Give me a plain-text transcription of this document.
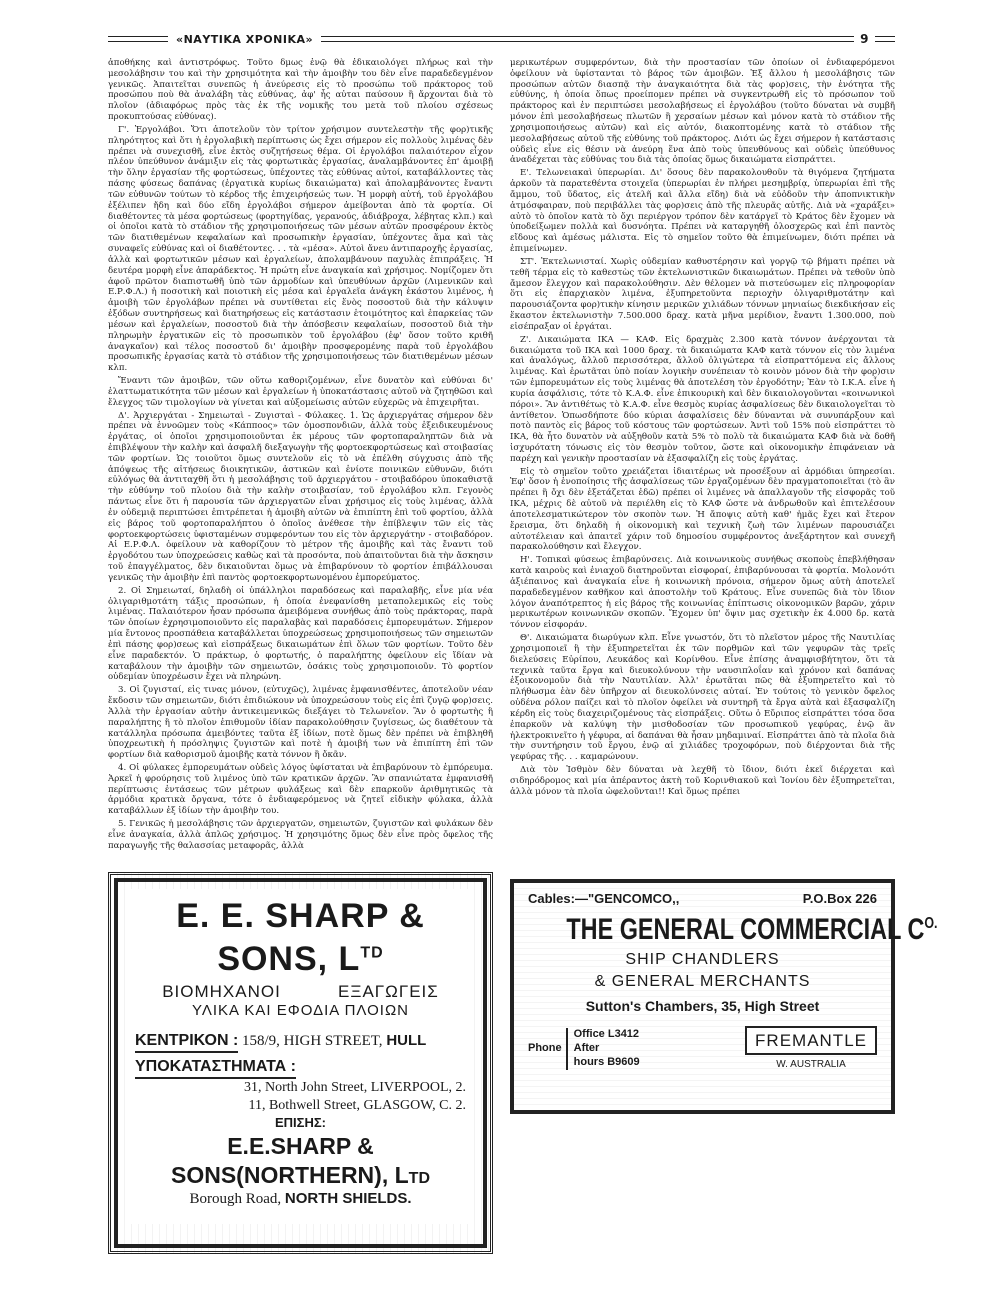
«ΝΑΥΤΙΚΑ ΧΡΟΝΙΚΑ»	9

ἀποθήκης καὶ ἀντιστρόφως. Τοῦτο δμως ἐνῷ θὰ ἐδικαιολόγει πλήρως καὶ τὴν μεσολάβησιν του καὶ τὴν χρησιμότητα καὶ τὴν ἀμοιβὴν του δὲν εἶνε παραδεδεγμένον γενικῶς. Ἀπαιτεῖται συνεπῶς ἡ ἀνεύρεσις εἰς τὸ προσώπω τοῦ πράκτορος τοῦ προσώπου ποὺ θὰ ἀναλάβη τὰς εὐθύνας, ἀφ' ἧς αὐται παύσουν ἢ ἄρχονται διὰ τὸ πλοῖον (ἀδιαφόρως πρὸς τὰς ἐκ τῆς νομικῆς του μετὰ τοῦ πλοίου σχέσεως προκυπτούσας εὐθύνας).

Γ'. Ἐργολάβοι. Ὅτι ἀποτελοῦν τὸν τρίτον χρήσιμον συντελεστὴν τῆς φορ)τικῆς πληρότητος καὶ ὅτι ἡ ἐργολαβικὴ περίπτωσις ὡς ἔχει σήμερον εἰς πολλοὺς λιμένας δὲν πρέπει νὰ συνεχισθῆ, εἶνε ἐκτὸς συζητήσεως θέμα. Οἱ ἐργολάβοι παλαιότερον εἶχον πλέον ὑπεύθυνον ἀνάμιξιν εἰς τὰς φορτωτικὰς ἐργασίας, ἀναλαμβάνοντες ἐπ' ἀμοιβῇ τὴν ὅλην ἐργασίαν τῆς φορτώσεως, ὑπέχοντες τὰς εὐθύνας αὐτοί, καταβάλλοντες τὰς πάσης φύσεως δαπάνας (ἐργατικὰ κυρίως δικαιώματα) καὶ ἀπολαμβάνοντες ἔναντι τῶν εὐθυνῶν τούτων τὸ κέρδος τῆς ἐπιχειρήσεώς των. Ἡ μορφὴ αὐτή, τοῦ ἐργολάβου ἐξέλιπεν ἤδη καὶ δύο εἴδη ἐργολάβοι σήμερον ἀμείβονται ἀπὸ τὰ φορτία. Οἱ διαθέτοντες τὰ μέσα φορτώσεως (φορτηγίδας, γερανούς, ἀδιάβροχα, λέβητας κλπ.) καὶ οἱ ὁποῖοι κατὰ τὸ στάδιον τῆς χρησιμοποιήσεως τῶν μέσων αὐτῶν προσφέρουν ἐκτὸς τῶν διατιθεμένων κεφαλαίων καὶ προσωπικὴν ἐργασίαν, ὑπέχοντες ἅμα καὶ τὰς συναφεῖς εὐθύνας καὶ οἱ διαθέτοντες. . . τὰ «μέσα». Αὐτοὶ ἄνευ ἀντιπαροχῆς ἐργασίας, ἀλλὰ καὶ φορτωτικῶν μέσων καὶ ἐργαλείων, ἀπολαμβάνουν παχυλὰς ἐπιπράξεις. Ἡ δευτέρα μορφὴ εἶνε ἀπαράδεκτος. Ἡ πρώτη εἶνε ἀναγκαία καὶ χρήσιμος. Νομίζομεν ὅτι ἀφοῦ πρῶτον διαπιστωθῆ ὑπὸ τῶν ἁρμοδίων καὶ ὑπευθύνων ἀρχῶν (Λιμενικῶν καὶ Ε.Ρ.Φ.Λ.) ἡ ποσοτικὴ καὶ ποιοτικὴ εἰς μέσα καὶ ἐργαλεῖα ἀνάγκη ἑκάστου λιμένος, ἡ ἀμοιβὴ τῶν ἐργολάβων πρέπει νὰ συντίθεται εἰς ἕνὸς ποσοστοῦ διὰ τὴν κάλυψιν ἐξόδων συντηρήσεως καὶ διατηρήσεως εἰς κατάστασιν ἑτοιμότητος καὶ ἐπαρκείας τῶν μέσων καὶ ἐργαλείων, ποσοστοῦ διὰ τὴν ἀπόσβεσιν κεφαλαίων, ποσοστοῦ διὰ τὴν πληρωμὴν ἐργατικῶν εἰς τὸ προσωπικὸν τοῦ ἐργολάβου (ἐφ' ὅσον τοῦτο κριθῆ ἀναγκαῖον) καὶ τέλος ποσοστοῦ δι' ἀμοιβὴν προσφερομένης παρὰ τοῦ ἐργολάβου προσωπικῆς ἐργασίας κατὰ τὸ στάδιον τῆς χρησιμοποιήσεως τῶν διατιθεμένων μέσων κλπ.

Ἔναντι τῶν ἀμοιβῶν, τῶν οὕτω καθοριζομένων, εἶνε δυνατὸν καὶ εὐθύναι δι' ἐλαττωματικότητα τῶν μέσων καὶ ἐργαλείων ἡ ὑποκατάστασις αὐτοῦ νὰ ζητηθῶσι καὶ ἔλεγχος τῶν τιμολογίων νὰ γίνεται καὶ αὐξομείωσις αὐτῶν εὐχερῶς νὰ ἐπιχειρῆται.

Δ'. Ἀρχιεργάται - Σημειωταὶ - Ζυγισταὶ - Φύλακες. 1. Ὡς ἀρχιεργάτας σήμερον δὲν πρέπει νὰ ἐννοῶμεν τοὺς «Κάπποος» τῶν ὁμοσπονδιῶν, ἀλλὰ τοὺς ἐξειδικευμένους ἐργάτας, οἱ ὁποῖοι χρησιμοποιοῦνται ἐκ μέρους τῶν φορτοπαραληπτῶν διὰ νὰ ἐπιβλέψουν τὴν καλὴν καὶ ἀσφαλῆ διεξαγωγὴν τῆς φορτοεκφορτώσεως καὶ στοιβασίας τῶν φορτίων. Ὡς τοιοῦτοι ὅμως συντελοῦν εἰς τὸ νὰ ἐπέλθη σύγχυσις ἀπὸ τῆς ἀπόψεως τῆς αἰτήσεως διοικητικῶν, ἀστικῶν καὶ ἐνίοτε ποινικῶν εὐθυνῶν, διότι εὐλόγως θὰ ἀντιταχθῆ ὅτι ἡ μεσολάβησις τοῦ ἀρχιεργάτου - στοιβαδόρου ὑποκαθιστᾷ τὴν εὐθύνην τοῦ πλοίου διὰ τὴν καλὴν στοιβασίαν, τοῦ ἐργολάβου κλπ. Γεγονὸς πάντως εἶνε ὅτι ἡ παρουσία τῶν ἀρχιεργατῶν εἶναι χρήσιμος εἰς τοὺς λιμένας, ἀλλὰ ἐν οὐδεμιᾷ περιπτώσει ἐπιτρέπεται ἡ ἀμοιβὴ αὐτῶν νὰ ἐπιπίπτη ἐπὶ τοῦ φορτίου, ἀλλὰ εἰς βάρος τοῦ φορτοπαραλήπτου ὁ ὁποῖος ἀνέθεσε τὴν ἐπίβλεψιν τῶν εἰς τὰς φορτοεκφορτώσεις ὑφισταμένων συμφερόντων του εἰς τὸν ἀρχιεργάτην - στοιβαδόρον. Αἱ Ε.Ρ.Φ.Λ. ὀφείλουν νὰ καθορίζουν τὸ μέτρον τῆς ἀμοιβῆς καὶ τὰς ἔναντι τοῦ ἐργοδότου των ὑποχρεώσεις καθὼς καὶ τὰ προσόντα, ποὺ ἀπαιτοῦνται διὰ τὴν ἄσκησιν τοῦ ἐπαγγέλματος, δὲν δικαιοῦνται ὅμως νὰ ἐπιβαρύνουν τὸ φορτίον ἐπιβάλλουσαι γενικῶς τὴν ἀμοιβὴν ἐπὶ παντὸς φορτοεκφορτωνομένου ἐμπορεύματος.

2. Οἱ Σημειωταί, δηλαδὴ οἱ ὑπάλληλοι παραδόσεως καὶ παραλαβῆς, εἶνε μία νέα ὀλιγαριθμοτάτη τάξις προσώπων, ἡ ὁποία ἐνεφανίσθη μεταπολεμικῶς εἰς τοὺς λιμένας. Παλαιότερον ἦσαν πρόσωπα ἀμειβόμενα συνήθως ἀπὸ τοὺς πράκτορας, παρὰ τῶν ὁποίων ἐχρησιμοποιοῦντο εἰς παραλαβὰς καὶ παραδόσεις ἐμπορευμάτων. Σήμερον μία ἔντονος προσπάθεια καταβάλλεται ὑποχρεώσεως χρησιμοποιήσεως τῶν σημειωτῶν ἐπὶ πάσης φορ)σεως καὶ εἰσπράξεως δικαιωμάτων ἐπὶ ὅλων τῶν φορτίων. Τοῦτο δὲν εἶνε παραδεκτόν. Ὁ πράκτωρ, ὁ φορτωτής, ὁ παραλήπτης ὀφείλουν εἰς ἴδίαν νὰ καταβάλουν τὴν ἀμοιβὴν τῶν σημειωτῶν, ὁσάκις τοὺς χρησιμοποιοῦν. Τὸ φορτίον οὐδεμίαν ὑποχρέωσιν ἔχει νὰ πληρώνη.

3. Οἱ ζυγισταί, εἰς τινας μόνον, (εὐτυχῶς), λιμένας ἐμφανισθέντες, ἀποτελοῦν νέαν ἔκδοσιν τῶν σημειωτῶν, διότι ἐπιδιώκουν νὰ ὑποχρεώσουν τοὺς εἰς ἐπὶ ζυγῷ φορ)σεις. Ἀλλὰ τὴν ἐργασίαν αὐτὴν ἀντικειμενικῶς διεξάγει τὸ Τελωνεῖον. Ἂν ὁ φορτωτὴς ἢ παραλήπτης ἢ τὸ πλοῖον ἐπιθυμοῦν ἰδίαν παρακολούθησιν ζυγίσεως, ὡς διαθέτουν τὰ κατάλληλα πρόσωπα ἀμειβόντες ταῦτα ἐξ ἰδίων, ποτὲ ὅμως δὲν πρέπει νὰ ἐπιβληθῆ ὑποχρεωτικὴ ἡ πρόσληψις ζυγιστῶν καὶ ποτὲ ἡ ἀμοιβή των νὰ ἐπιπίπτη ἐπὶ τῶν φορτίων διὰ καθορισμοῦ ἀμοιβῆς κατὰ τόννον ἢ ὄκᾶν.

4. Οἱ φύλακες ἐμπορευμάτων οὐδεὶς λόγος ὑφίσταται νὰ ἐπιβαρύνουν τὸ ἐμπόρευμα. Ἀρκεῖ ἡ φρούρησις τοῦ λιμένος ὑπὸ τῶν κρατικῶν ἀρχῶν. Ἂν σπανιώτατα ἐμφανισθῆ περίπτωσις ἐντάσεως τῶν μέτρων φυλάξεως καὶ δὲν επαρκοῦν ἀριθμητικῶς τὰ ἁρμόδια κρατικὰ ὄργανα, τότε ὁ ἐνδιαφερόμενος νὰ ζητεῖ εἰδικὴν φύλακα, ἀλλὰ καταβάλλων ἐξ ἰδίων τὴν ἀμοιβὴν του.

5. Γενικῶς ἡ μεσολάβησις τῶν ἀρχιεργατῶν, σημειωτῶν, ζυγιστῶν καὶ φυλάκων δὲν εἶνε ἀναγκαία, ἀλλὰ ἁπλῶς χρήσιμος. Ἡ χρησιμότης ὅμως δὲν εἶνε πρὸς ὄφελος τῆς παραγωγῆς τῆς θαλασσίας μεταφορᾶς, ἀλλὰ

E. E. SHARP & SONS, $L^{TD}$
ΒΙΟΜΗΧΑΝΟΙ          ΕΞΑΓΩΓΕΙΣ
ΥΛΙΚΑ ΚΑΙ ΕΦΟΔΙΑ ΠΛΟΙΩΝ
ΚΕΝΤΡΙΚΟΝ : 158/9, HIGH STREET, HULL
ΥΠΟΚΑΤΑΣΤΗΜΑΤΑ :
31, North John Street, LIVERPOOL, 2.
11, Bothwell Street, GLASGOW, C. 2.
ΕΠΙΣΗΣ:
E.E.SHARP & SONS(NORTHERN), LTD
Borough Road, NORTH SHIELDS.

μερικωτέρων συμφερόντων, διὰ τὴν προστασίαν τῶν ὁποίων οἱ ἐνδιαφερόμενοι ὀφείλουν νὰ ὑφίστανται τὸ βάρος τῶν ἀμοιβῶν. Ἐξ ἄλλου ἡ μεσολάβησις τῶν προσώπων αὐτῶν διασπᾷ τὴν ἀναγκαιότητα διὰ τὰς φορ)σεις, τὴν ἑνότητα τῆς εὐθύνης, ἡ ὁποία ὅπως προείπομεν πρέπει νὰ συγκεντρωθῆ εἰς τὸ πρόσωπον τοῦ πράκτορος καὶ ἐν περιπτώσει μεσολαβήσεως εἰ ἐργολάβου (τοῦτο δύναται νὰ συμβῆ μόνον ἐπὶ μεσολαβήσεως πλωτῶν ἢ χερσαίων μέσων καὶ μόνον κατὰ τὸ στάδιον τῆς χρησιμοποιήσεως αὐτῶν) καὶ εἰς αὐτόν, διακοπτομένης κατὰ τὸ στάδιον τῆς μεσολαβήσεως αὐτοῦ τῆς εὐθύνης τοῦ πράκτορος. Διότι ὡς ἔχει σήμερον ἡ κατάστασις οὐδεὶς εἶνε εἰς θέσιν νὰ ἀνεύρη ἕνα ἀπὸ τοὺς ὑπευθύνους καὶ οὐδεὶς ὑπεύθυνος ἀναδέχεται τὰς εὐθύνας του διὰ τὰς ὁποίας ὅμως δικαιώματα εἰσπράττει.

Ε'. Τελωνειακαὶ ὑπερωρίαι. Δι' ὅσους δὲν παρακολουθοῦν τὰ θιγόμενα ζητήματα ἀρκοῦν τὰ παρατεθέντα στοιχεῖα (ὑπερωρίαι ἐν πλήρει μεσημβρίᾳ, ὑπερωρίαι ἐπὶ τῆς ἄμμου, τοῦ ὕδατος, εἰς ἀτελῆ καὶ ἄλλα εἴδη) διὰ νὰ εὐὁδοῦν τὴν ἀποπνικτικὴν ἀτμόσφαιραν, ποὺ περιβάλλει τὰς φορ)σεις ἀπὸ τῆς πλευρᾶς αὐτῆς. Διὰ νὰ «χαράξει» αὐτὸ τὸ ὁποῖον κατὰ τὸ ὄχι περιέργον τρόπον δὲν κατάργεῖ τὸ Κράτος δὲν ἔχομεν νὰ ὑποδείξωμεν πολλὰ καὶ δυσνόητα. Πρέπει νὰ καταργηθῆ ὁλοσχερῶς καὶ ἐπὶ παντὸς εἴδους καὶ ἀμέσως μάλιστα. Εἰς τὸ σημεῖον τοῦτο θὰ ἐπιμείνωμεν, διότι πρέπει νὰ ἐπιμείνωμεν.

ΣΤ'. Ἐκτελωνισταί. Χωρὶς οὐδεμίαν καθυστέρησιν καὶ γοργῷ τῷ βήματι πρέπει νὰ τεθῆ τέρμα εἰς τὸ καθεστὼς τῶν ἐκτελωνιστικῶν δικαιωμάτων. Πρέπει νὰ τεθοῦν ὑπὸ ἄμεσον ἔλεγχον καὶ παρακολούθησιν. Δὲν θέλομεν νὰ πιστεύσωμεν εἰς πληροφορίαν ὅτι εἰς ἐπαρχιακὸν λιμένα, ἐξυπηρετοῦντα περιοχὴν ὀλιγαριθμοτάτην καὶ παρουσιάζοντα φορ)τικὴν κίνησιν μερικῶν χιλιάδων τόννων μηνιαίως διεκδικήσαν εἰς ἕκαστον ἐκτελωνιστὴν 7.500.000 δραχ. κατὰ μῆνα μερίδιον, ἔναντι 1.300.000, ποὺ εἰσέπραξαν οἱ ἐργάται.

Ζ'. Δικαιώματα ΙΚΑ — ΚΑΦ. Εἰς δραχμὰς 2.300 κατὰ τόννον ἀνέρχονται τὰ δικαιώματα τοῦ ΙΚΑ καὶ 1000 δραχ. τὰ δικαιώματα ΚΑΦ κατὰ τόννον εἰς τὸν λιμένα καὶ ἀναλόγως, ἄλλοῦ περισσότερα, ἄλλοῦ ὀλιγώτερα τὰ εἰσπραττόμενα εἰς ἄλλους λιμένας. Καὶ ἐρωτᾶται ὑπὸ ποίαν λογικὴν συνέπειαν τὸ κοινὸν μόνον διὰ τὴν φορ)σιν τῶν ἐμπορευμάτων εἰς τοὺς λιμένας θὰ ἀποτελέση τὸν ἐργοδότην; Ἐὰν τὸ Ι.Κ.Α. εἶνε ἡ κυρία ἀσφάλισις, τότε τὸ Κ.Α.Φ. εἶνε ἐπικουρικὴ καὶ δὲν δικαιολογοῦνται «κοινωνικοὶ πόροι». Ἂν ἀντιθέτως τὸ Κ.Α.Φ. εἶνε θεσμὸς κυρίας ἀσφαλίσεως δὲν δικαιολογεῖται τὸ ἀντίθετον. Ὁπωσδήποτε δύο κύριαι ἀσφαλίσεις δὲν δύνανται νὰ συνυπάρξουν καὶ ποτὸ παντὸς εἰς βάρος τοῦ κόστους τῶν φορτώσεων. Ἀντὶ τοῦ 15% ποὺ εἰσπράττει τὸ ΙΚΑ, θὰ ἦτο δυνατὸν νὰ αὐξηθοῦν κατὰ 5% τὸ πολὺ τὰ δικαιώματα ΚΑΦ διὰ νὰ δοθῆ ἰσχυρότατη τόνωσις εἰς τὸν θεσμὸν τοῦτον, ὥστε καὶ οἰκονομικὴν ἐπιφάνειαν νὰ παρέχη καὶ γενικὴν προστασίαν νὰ ἐξασφαλίζη εἰς τοὺς ἐργάτας.

Εἰς τὸ σημεῖον τοῦτο χρειάζεται ἰδιαιτέρως νὰ προσέξουν αἱ ἁρμόδιαι ὑπηρεσίαι. Ἐφ' ὅσον ἡ ἑνοποίησις τῆς ἀσφαλίσεως τῶν ἐργαζομένων δὲν πραγματοποιεῖται (τὸ ἂν πρέπει ἢ ὄχι δὲν ἐξετάζεται ἐδῶ) πρέπει οἱ λιμένες νὰ ἀπαλλαγοῦν τῆς εἰσφορᾶς τοῦ ΙΚΑ, μέχρις δὲ αὐτοῦ νὰ περιέλθη εἰς τὸ ΚΑΦ ὥστε νὰ ἀνδρωθοῦν καὶ ἐπιτελέσουν ἀποτελεσματικώτερον τὸν σκοπὸν των. Ἡ ἄποψις αὐτὴ καθ' ἡμᾶς ἔχει καὶ ἕτερον ἔρεισμα, ὅτι δηλαδὴ ἡ οἰκονομικὴ καὶ τεχνικὴ ζωὴ τῶν λιμένων παρουσιάζει αὐτοτέλειαν καὶ ἀπαιτεῖ χάριν τοῦ δημοσίου συμφέροντος ἀνεξάρτητον καὶ συνεχῆ παρακολούθησιν καὶ ἔλεγχον.

Η'. Τοπικαὶ φύσεως ἐπιβαρύνσεις. Διὰ κοινωνικοὺς συνήθως σκοποὺς ἐπεβλήθησαν κατὰ καιροὺς καὶ ἐνιαχοῦ διατηροῦνται εἰσφοραί, ἐπιβαρύνουσαι τὰ φορτία. Μολονότι ἀξιέπαινος καὶ ἀναγκαία εἶνε ἡ κοινωνικὴ πρόνοια, σήμερον ὅμως αὐτὴ ἀποτελεῖ παραδεδεγμένον καθῆκον καὶ ἀποστολὴν τοῦ Κράτους. Εἶνε συνεπῶς διὰ τὸν ἴδιον λόγον ἀναπότρεπτος ἡ εἰς βάρος τῆς κοινωνίας ἐπίπτωσις οἰκονομικῶν βαρῶν, χάριν μερικωτέρων κοινωνικῶν σκοπῶν. Ἔχομεν ὑπ' ὄψιν μας σχετικὴν ἐκ 4.000 δρ. κατὰ τόννον εἰσφοράν.

Θ'. Δικαιώματα διωρύγων κλπ. Εἶνε γνωστόν, ὅτι τὸ πλεῖστον μέρος τῆς Ναυτιλίας χρησιμοποιεῖ ἢ τὴν ἐξυπηρετεῖται ἐκ τῶν πορθμῶν καὶ τῶν γεφυρῶν τὰς τρεῖς διελεύσεις Εὐρίπου, Λευκάδος καὶ Κορίνθου. Εἶνε ἐπίσης ἀναμφισβήτητον, ὅτι τὰ τεχνικὰ ταῦτα ἔργα καὶ διευκολύνουν τὴν ναυσιπλοΐαν καὶ χρόνον καὶ δαπάνας ἐξοικονομοῦν διὰ τὴν Ναυτιλίαν. Ἀλλ' ἐρωτᾶται πῶς θὰ ἐξυπηρετεῖτο καὶ τὸ πλήθωσμα ἐὰν δὲν ὑπῆρχον αἱ διευκολύνσεις αὐταί. Ἐν τούτοις τὸ γενικὸν ὄφελος οὐδένα ρόλον παίζει καὶ τὸ πλοῖον ὀφείλει νὰ συντηρῆ τὰ ἔργα αὐτὰ καὶ ἐξασφαλίζη κέρδη εἰς τοὺς διαχειριζομένους τὰς εἰσπράξεις. Οὕτω ὁ Εὔριπος εἰσπράττει τόσα ὅσα ἐπαρκοῦν νὰ καλύψη τὴν μισθοδοσίαν τῶν προσωπικοῦ γεφύρας, ἐνῷ ἂν ἠλεκτροκινεῖτο ἡ γέφυρα, αἱ δαπάναι θὰ ἦσαν μηδαμιναί. Εἰσπράττει ἀπὸ τὰ πλοῖα διὰ τὴν συντήρησιν τοῦ ἔργου, ἐνῷ αἱ χιλιάδες τροχοφόρων, ποὺ διέρχονται διὰ τῆς γεφύρας τῆς. . . καμαρώνουν.

Διὰ τὸν Ἰσθμὸν δὲν δύναται νὰ λεχθῆ τὸ ἴδιον, διότι ἐκεῖ διέρχεται καὶ σιδηρόδρομος καὶ μία ἀπέραντος ἀκτὴ τοῦ Κορινθιακοῦ καὶ Ἰονίου δὲν ἐξυπηρετεῖται, ἀλλὰ μόνον τὰ πλοῖα ὠφελοῦνται!! Καὶ ὅμως πρέπει

Cables:—"GENCOMCO,,	P.O.Box 226
THE GENERAL COMMERCIAL $C^{O.}$
SHIP CHANDLERS
& GENERAL MERCHANTS
Sutton's Chambers, 35, High Street
Phone
Office L3412
After
hours B9609
FREMANTLE
W. AUSTRALIA
